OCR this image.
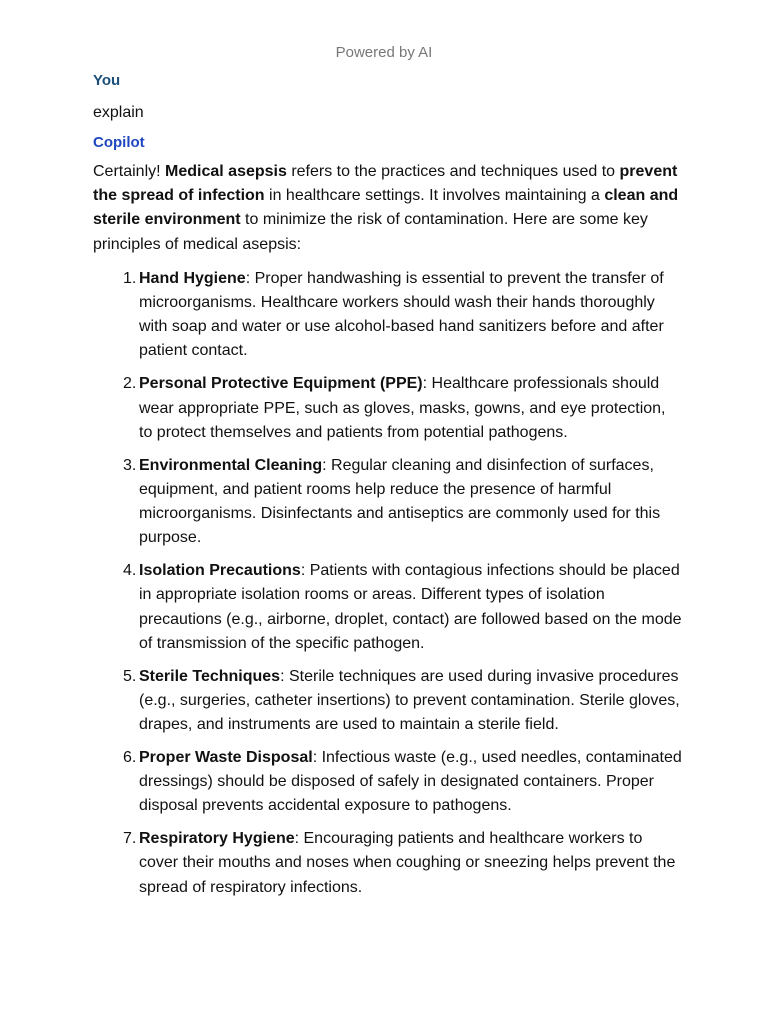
Powered by AI
You
explain
Copilot

Certainly! Medical asepsis refers to the practices and techniques used to prevent the spread of infection in healthcare settings. It involves maintaining a clean and sterile environment to minimize the risk of contamination. Here are some key principles of medical asepsis:

1. Hand Hygiene: Proper handwashing is essential to prevent the transfer of microorganisms. Healthcare workers should wash their hands thoroughly with soap and water or use alcohol-based hand sanitizers before and after patient contact.
2. Personal Protective Equipment (PPE): Healthcare professionals should wear appropriate PPE, such as gloves, masks, gowns, and eye protection, to protect themselves and patients from potential pathogens.
3. Environmental Cleaning: Regular cleaning and disinfection of surfaces, equipment, and patient rooms help reduce the presence of harmful microorganisms. Disinfectants and antiseptics are commonly used for this purpose.
4. Isolation Precautions: Patients with contagious infections should be placed in appropriate isolation rooms or areas. Different types of isolation precautions (e.g., airborne, droplet, contact) are followed based on the mode of transmission of the specific pathogen.
5. Sterile Techniques: Sterile techniques are used during invasive procedures (e.g., surgeries, catheter insertions) to prevent contamination. Sterile gloves, drapes, and instruments are used to maintain a sterile field.
6. Proper Waste Disposal: Infectious waste (e.g., used needles, contaminated dressings) should be disposed of safely in designated containers. Proper disposal prevents accidental exposure to pathogens.
7. Respiratory Hygiene: Encouraging patients and healthcare workers to cover their mouths and noses when coughing or sneezing helps prevent the spread of respiratory infections.
